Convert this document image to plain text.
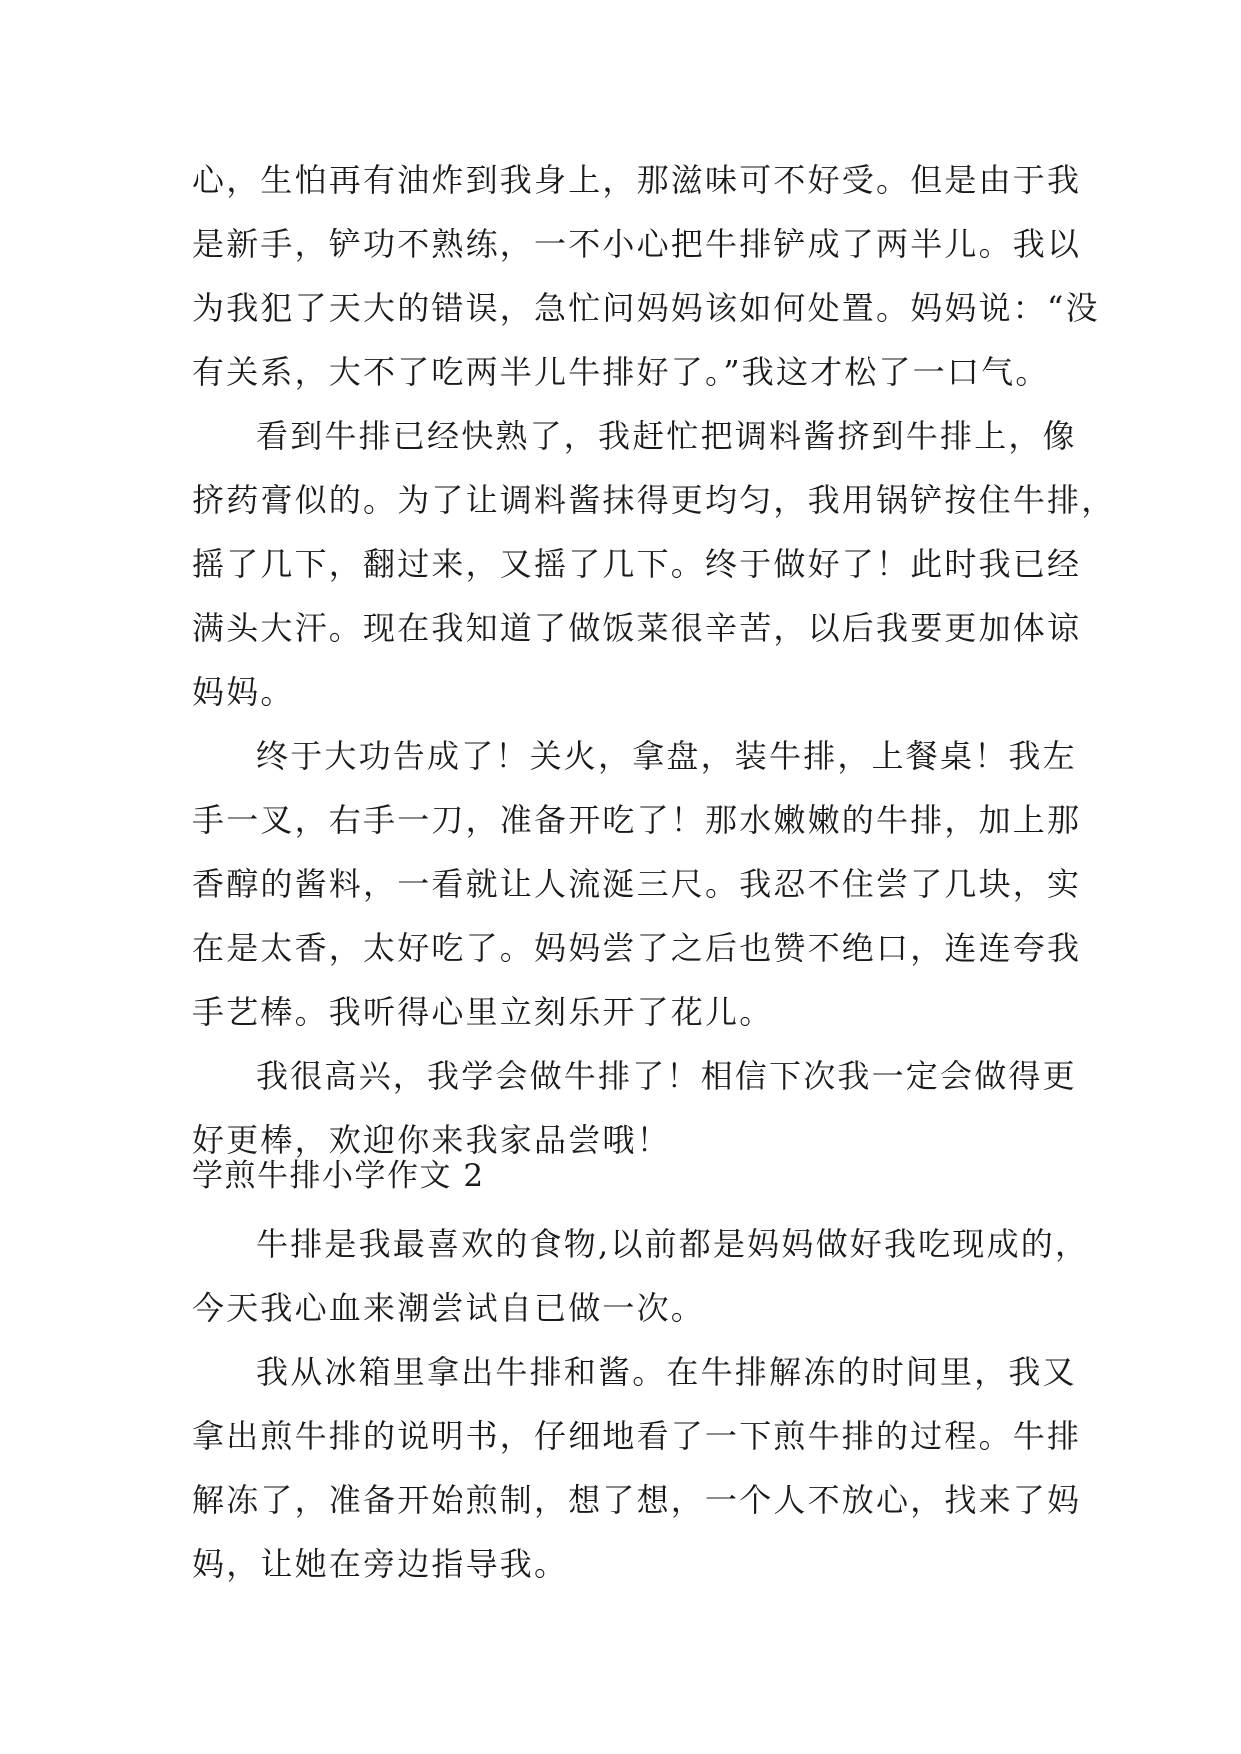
心，生怕再有油炸到我身上，那滋味可不好受。但是由于我
是新手，铲功不熟练，一不小心把牛排铲成了两半儿。我以
为我犯了天大的错误，急忙问妈妈该如何处置。妈妈说：“没
有关系，大不了吃两半儿牛排好了。”我这才松了一口气。
看到牛排已经快熟了，我赶忙把调料酱挤到牛排上，像
挤药膏似的。为了让调料酱抹得更均匀，我用锅铲按住牛排，
摇了几下，翻过来，又摇了几下。终于做好了！此时我已经
满头大汗。现在我知道了做饭菜很辛苦，以后我要更加体谅
妈妈。
终于大功告成了！关火，拿盘，装牛排，上餐桌！我左
手一叉，右手一刀，准备开吃了！那水嫩嫩的牛排，加上那
香醇的酱料，一看就让人流涎三尺。我忍不住尝了几块，实
在是太香，太好吃了。妈妈尝了之后也赞不绝口，连连夸我
手艺棒。我听得心里立刻乐开了花儿。
我很高兴，我学会做牛排了！相信下次我一定会做得更
好更棒，欢迎你来我家品尝哦！
学煎牛排小学作文 2
牛排是我最喜欢的食物,以前都是妈妈做好我吃现成的，
今天我心血来潮尝试自已做一次。
我从冰箱里拿出牛排和酱。在牛排解冻的时间里，我又
拿出煎牛排的说明书，仔细地看了一下煎牛排的过程。牛排
解冻了，准备开始煎制，想了想，一个人不放心，找来了妈
妈，让她在旁边指导我。
